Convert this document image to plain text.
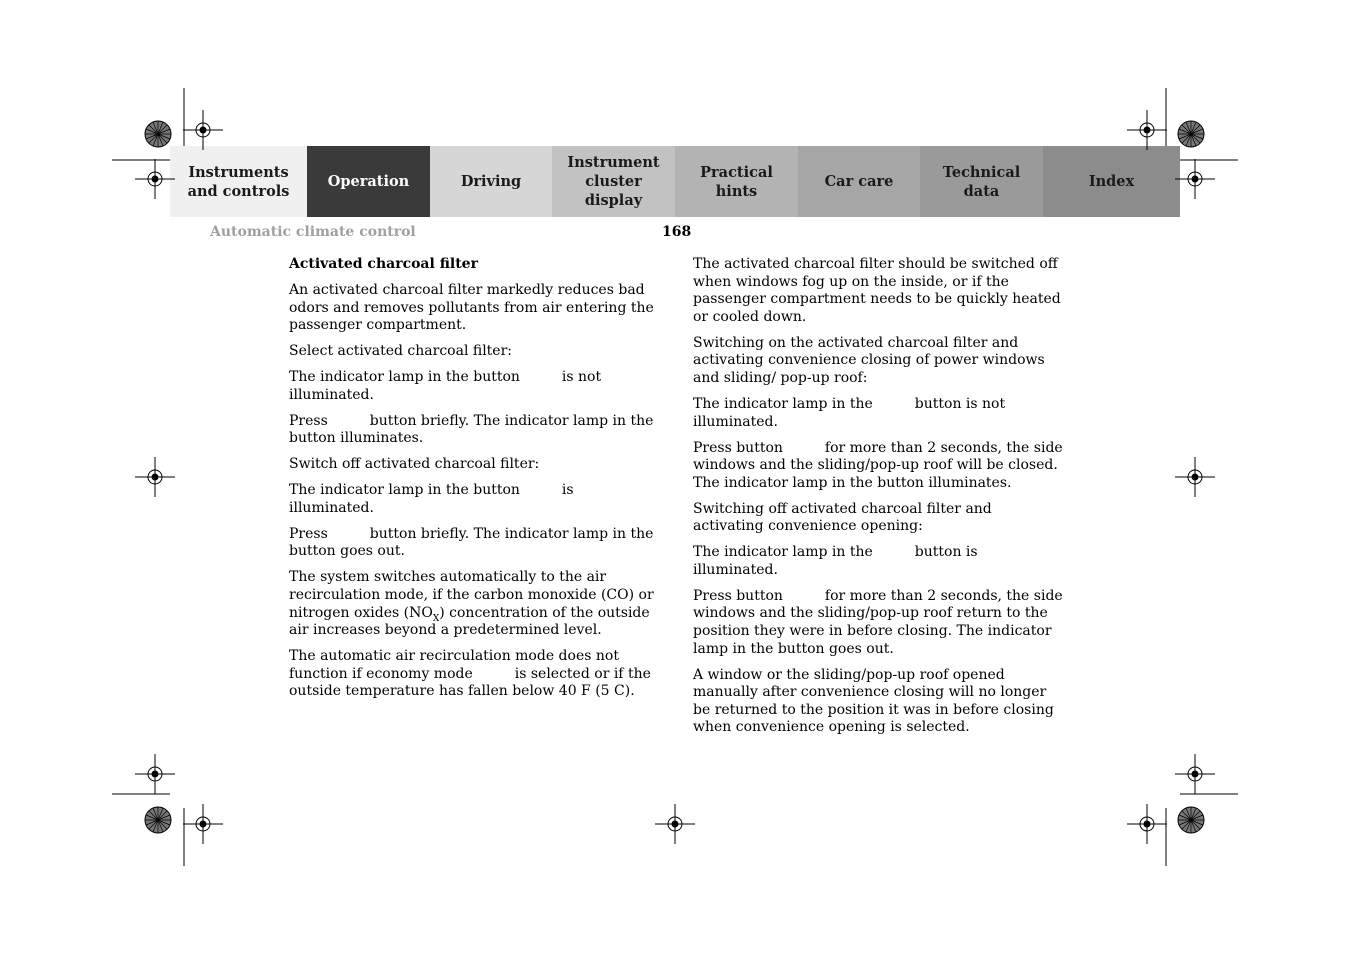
Instruments
and controls
Operation	Driving
Instrument
cluster display
Practical hints
Car care
Technical
data
Index
Automatic climate control	168

Activated charcoal filter

An activated charcoal filter markedly reduces bad odors and removes pollutants from air entering the passenger compartment.

Select activated charcoal filter:

The indicator lamp in the button	is not illuminated.

Press	button briefly. The indicator lamp in the button illuminates.

Switch off activated charcoal filter:

The indicator lamp in the button	is illuminated.

Press	button briefly. The indicator lamp in the button goes out.

The system switches automatically to the air recirculation mode, if the carbon monoxide (CO) or nitrogen oxides $(NO_X)$ concentration of the outside air increases beyond a predetermined level.

The automatic air recirculation mode does not function if economy mode	is selected or if the outside temperature has fallen below 40 F (5 C).

The activated charcoal filter should be switched off when windows fog up on the inside, or if the passenger compartment needs to be quickly heated or cooled down.

Switching on the activated charcoal filter and activating convenience closing of power windows and sliding/ pop-up roof:

The indicator lamp in the	button is not illuminated.

Press button	for more than 2 seconds, the side windows and the sliding/pop-up roof will be closed. The indicator lamp in the button illuminates.

Switching off activated charcoal filter and activating convenience opening:

The indicator lamp in the	button is illuminated.

Press button	for more than 2 seconds, the side windows and the sliding/pop-up roof return to the position they were in before closing. The indicator lamp in the button goes out.

A window or the sliding/pop-up roof opened manually after convenience closing will no longer be returned to the position it was in before closing when convenience opening is selected.
